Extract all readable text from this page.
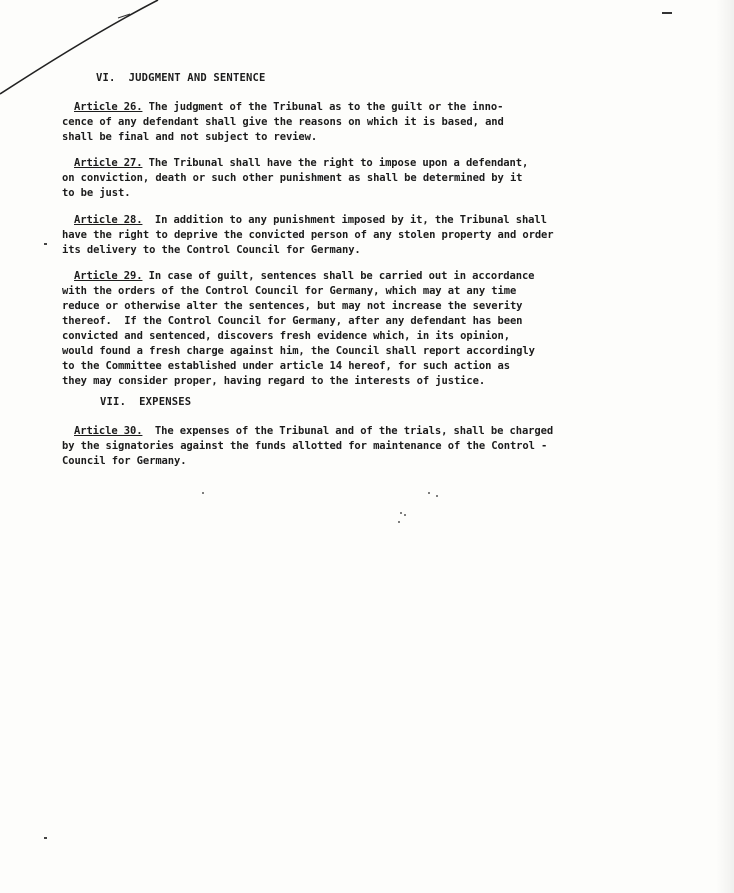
VI.  JUDGMENT AND SENTENCE
Article 26. The judgment of the Tribunal as to the guilt or the inno-
cence of any defendant shall give the reasons on which it is based, and
shall be final and not subject to review.
Article 27. The Tribunal shall have the right to impose upon a defendant,
on conviction, death or such other punishment as shall be determined by it
to be just.
Article 28.  In addition to any punishment imposed by it, the Tribunal shall
have the right to deprive the convicted person of any stolen property and order
its delivery to the Control Council for Germany.
Article 29. In case of guilt, sentences shall be carried out in accordance
with the orders of the Control Council for Germany, which may at any time
reduce or otherwise alter the sentences, but may not increase the severity
thereof.  If the Control Council for Germany, after any defendant has been
convicted and sentenced, discovers fresh evidence which, in its opinion,
would found a fresh charge against him, the Council shall report accordingly
to the Committee established under article 14 hereof, for such action as
they may consider proper, having regard to the interests of justice.
VII.  EXPENSES
Article 30.  The expenses of the Tribunal and of the trials, shall be charged
by the signatories against the funds allotted for maintenance of the Control -
Council for Germany.
